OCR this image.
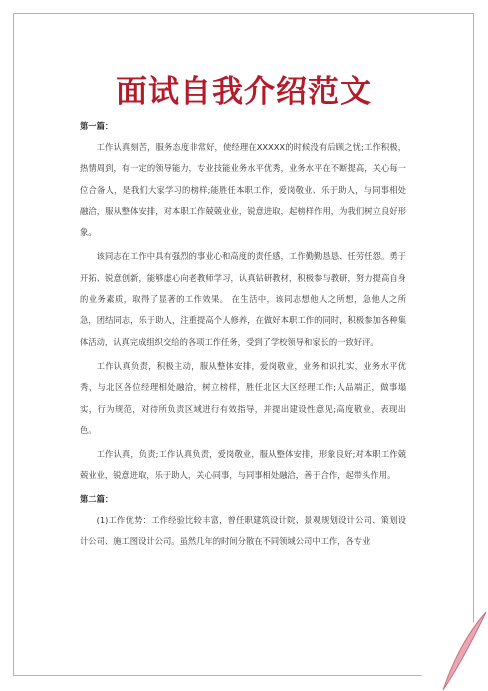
面试自我介绍范文
第一篇：

工作认真刻苦，服务态度非常好，使经理在XXXXX的时候没有后顾之忧;工作积极，热情周到，有一定的领导能力，专业技能业务水平优秀，业务水平在不断提高，关心每一位合备人，是我们大家学习的榜样;能胜任本职工作，爱岗敬业、乐于助人，与同事相处融洽，服从整体安排，对本职工作兢兢业业，锐意进取，起榜样作用，为我们树立良好形象。

该同志在工作中具有强烈的事业心和高度的责任感，工作勤勤恳恳、任劳任怨。勇于开拓、锐意创新，能够虚心向老教师学习，认真钻研教材，积极参与教研，努力提高自身的业务素质，取得了显著的工作效果。 在生活中，该同志想他人之所想，急他人之所急，团结同志，乐于助人，注重提高个人修养，在做好本职工作的同时，积极参加各种集体活动，认真完成组织交给的各项工作任务，受到了学校领导和家长的一致好评。

工作认真负责，积极主动，服从整体安排，爱岗敬业，业务和识扎实，业务水平优秀，与北区各位经理相处融洽，树立榜样，胜任北区大区经理工作;人品端正，做事塌实，行为规范，对待所负责区域进行有效指导，并提出建设性意见;高度敬业，表现出色。

工作认真，负责;工作认真负责，爱岗敬业，服从整体安排，形象良好;对本职工作兢兢业业，锐意进取，乐于助人，关心同事，与同事相处融洽，善于合作，起带头作用。

第二篇：

(1)工作优势：工作经验比较丰富，曾任职建筑设计院、景观规划设计公司、策划设计公司、施工图设计公司。虽然几年的时间分散在不同领域公司中工作，各专业
